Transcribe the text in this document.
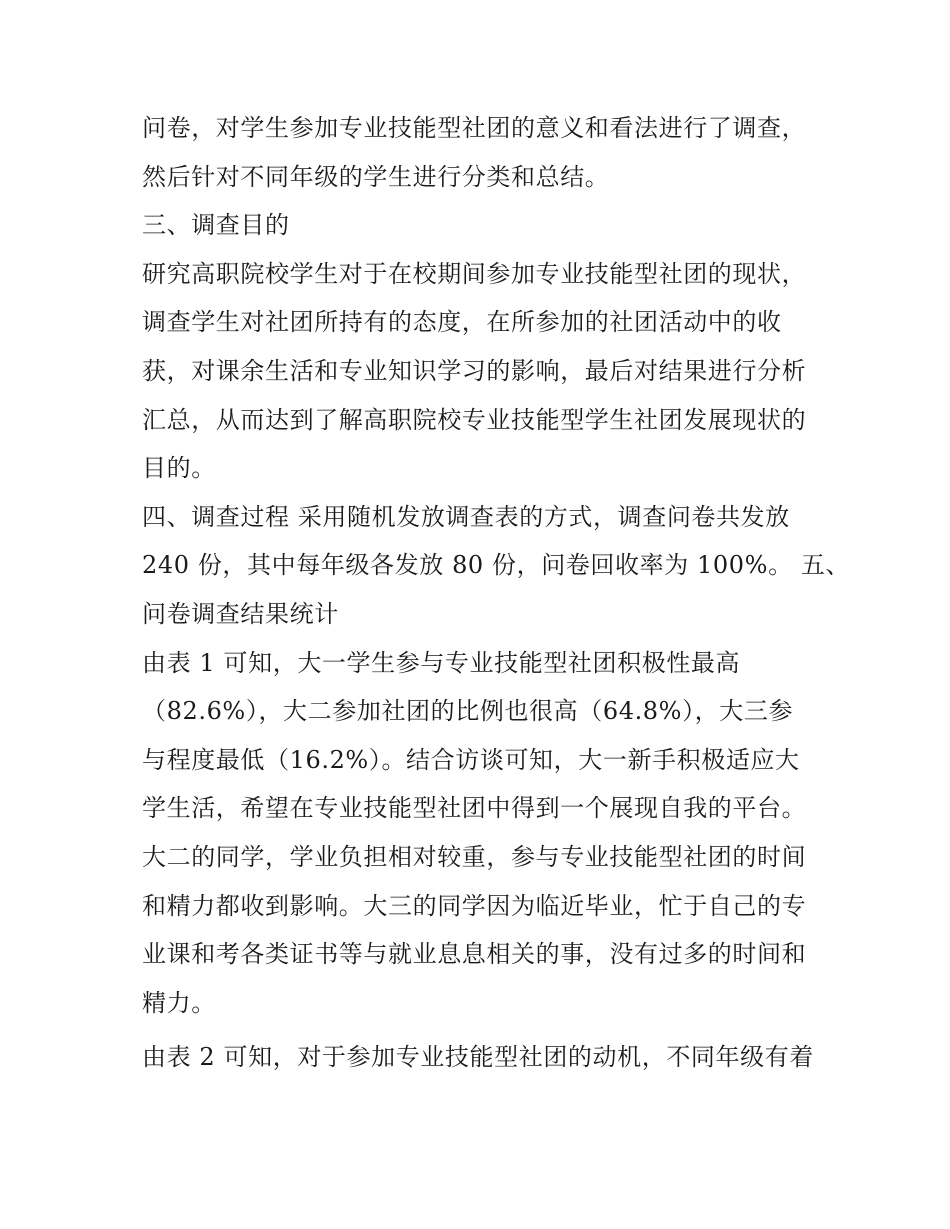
问卷，对学生参加专业技能型社团的意义和看法进行了调查，
然后针对不同年级的学生进行分类和总结。
三、调查目的
研究高职院校学生对于在校期间参加专业技能型社团的现状，
调查学生对社团所持有的态度，在所参加的社团活动中的收
获，对课余生活和专业知识学习的影响，最后对结果进行分析
汇总，从而达到了解高职院校专业技能型学生社团发展现状的
目的。
四、调查过程 采用随机发放调查表的方式，调查问卷共发放
240 份，其中每年级各发放 80 份，问卷回收率为 100%。 五、
问卷调查结果统计
由表 1 可知，大一学生参与专业技能型社团积极性最高
（82.6%），大二参加社团的比例也很高（64.8%），大三参
与程度最低（16.2%）。结合访谈可知，大一新手积极适应大
学生活，希望在专业技能型社团中得到一个展现自我的平台。
大二的同学，学业负担相对较重，参与专业技能型社团的时间
和精力都收到影响。大三的同学因为临近毕业，忙于自己的专
业课和考各类证书等与就业息息相关的事，没有过多的时间和
精力。
由表 2 可知，对于参加专业技能型社团的动机，不同年级有着
